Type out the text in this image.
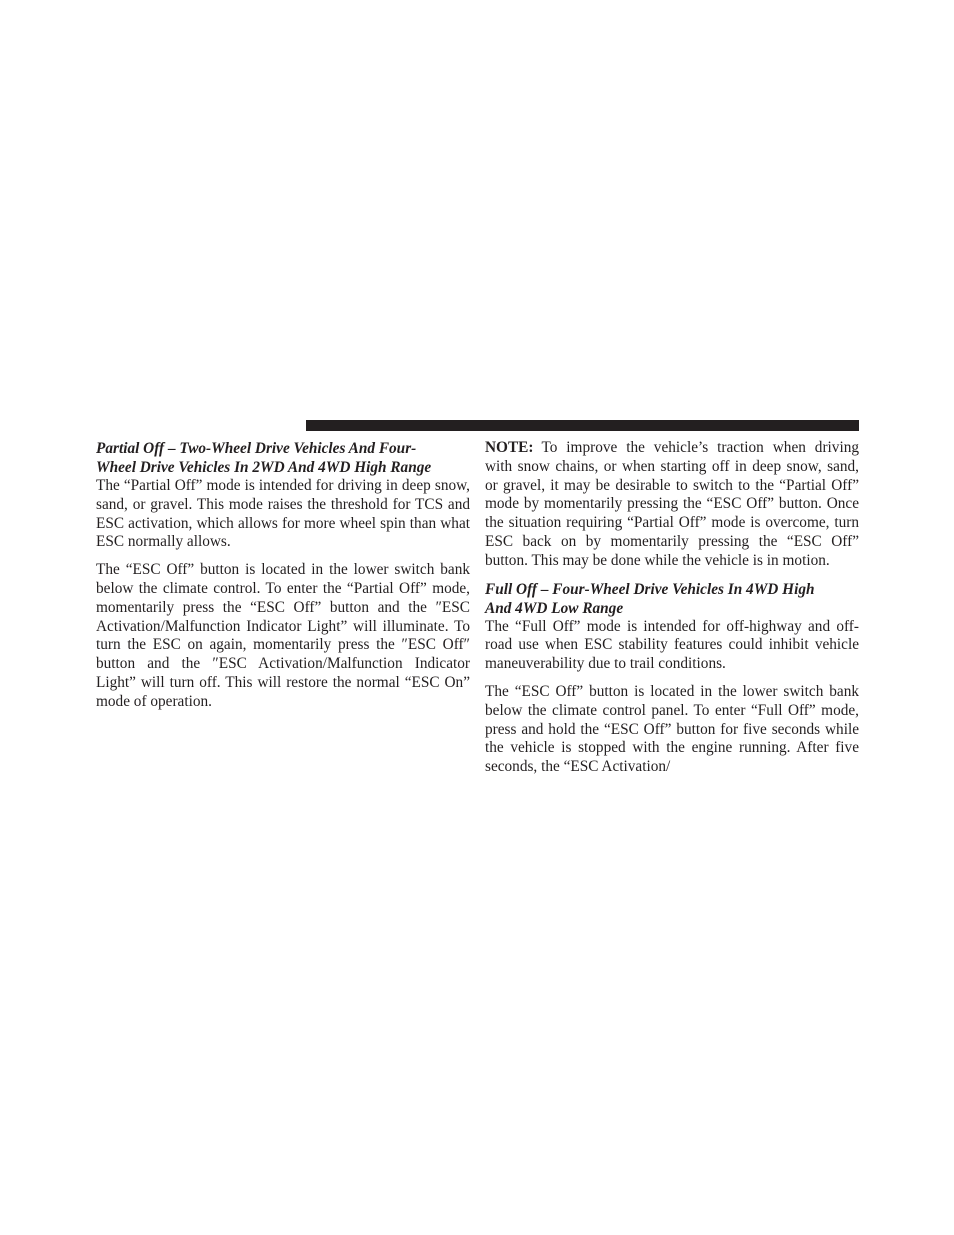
Partial Off – Two-Wheel Drive Vehicles And Four-Wheel Drive Vehicles In 2WD And 4WD High Range

The “Partial Off” mode is intended for driving in deep snow, sand, or gravel. This mode raises the threshold for TCS and ESC activation, which allows for more wheel spin than what ESC normally allows.

The “ESC Off” button is located in the lower switch bank below the climate control. To enter the “Partial Off” mode, momentarily press the “ESC Off” button and the ″ESC Activation/Malfunction Indicator Light” will illuminate. To turn the ESC on again, momentarily press the ″ESC Off″ button and the ″ESC Activation/Malfunction Indicator Light” will turn off. This will restore the normal “ESC On” mode of operation.

NOTE: To improve the vehicle’s traction when driving with snow chains, or when starting off in deep snow, sand, or gravel, it may be desirable to switch to the “Partial Off” mode by momentarily pressing the “ESC Off” button. Once the situation requiring “Partial Off” mode is overcome, turn ESC back on by momentarily pressing the “ESC Off” button. This may be done while the vehicle is in motion.

Full Off – Four-Wheel Drive Vehicles In 4WD High And 4WD Low Range

The “Full Off” mode is intended for off-highway and off-road use when ESC stability features could inhibit vehicle maneuverability due to trail conditions.

The “ESC Off” button is located in the lower switch bank below the climate control panel. To enter “Full Off” mode, press and hold the “ESC Off” button for five seconds while the vehicle is stopped with the engine running. After five seconds, the “ESC Activation/
